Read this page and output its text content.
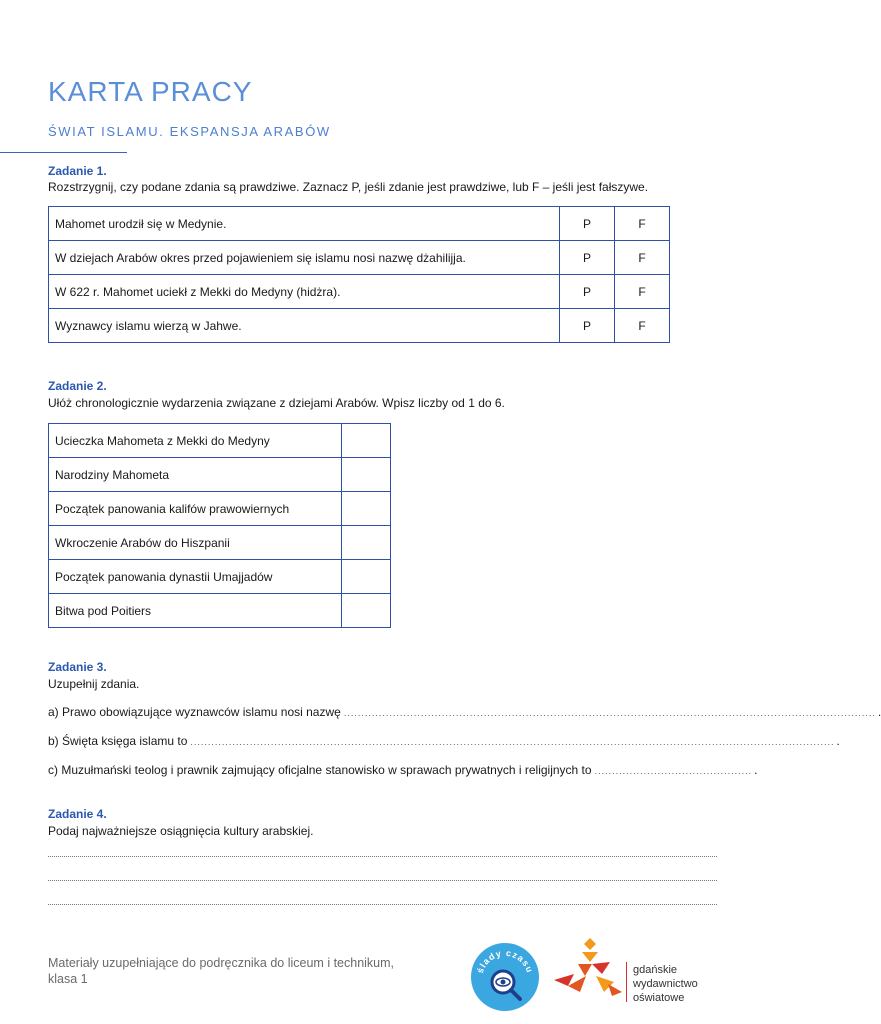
KARTA PRACY
ŚWIAT ISLAMU. EKSPANSJA ARABÓW
Zadanie 1.
Rozstrzygnij, czy podane zdania są prawdziwe. Zaznacz P, jeśli zdanie jest prawdziwe, lub F – jeśli jest fałszywe.
Mahomet urodził się w Medynie.	P	F
W dziejach Arabów okres przed pojawieniem się islamu nosi nazwę dżahilijja.	P	F
W 622 r. Mahomet uciekł z Mekki do Medyny (hidżra).	P	F
Wyznawcy islamu wierzą w Jahwe.	P	F
Zadanie 2.
Ułóż chronologicznie wydarzenia związane z dziejami Arabów. Wpisz liczby od 1 do 6.
Ucieczka Mahometa z Mekki do Medyny	
Narodziny Mahometa	
Początek panowania kalifów prawowiernych	
Wkroczenie Arabów do Hiszpanii	
Początek panowania dynastii Umajjadów	
Bitwa pod Poitiers	
Zadanie 3.
Uzupełnij zdania.
a) Prawo obowiązujące wyznawców islamu nosi nazwę ........................................................................................................................................................ .
b) Święta księga islamu to ........................................................................................................................................................................................ .
c) Muzułmański teolog i prawnik zajmujący oficjalne stanowisko w sprawach prywatnych i religijnych to ............................................. .
Zadanie 4.
Podaj najważniejsze osiągnięcia kultury arabskiej.
Materiały uzupełniające do podręcznika do liceum i technikum,
klasa 1
ślady czasu	gdańskie
wydawnictwo
oświatowe
